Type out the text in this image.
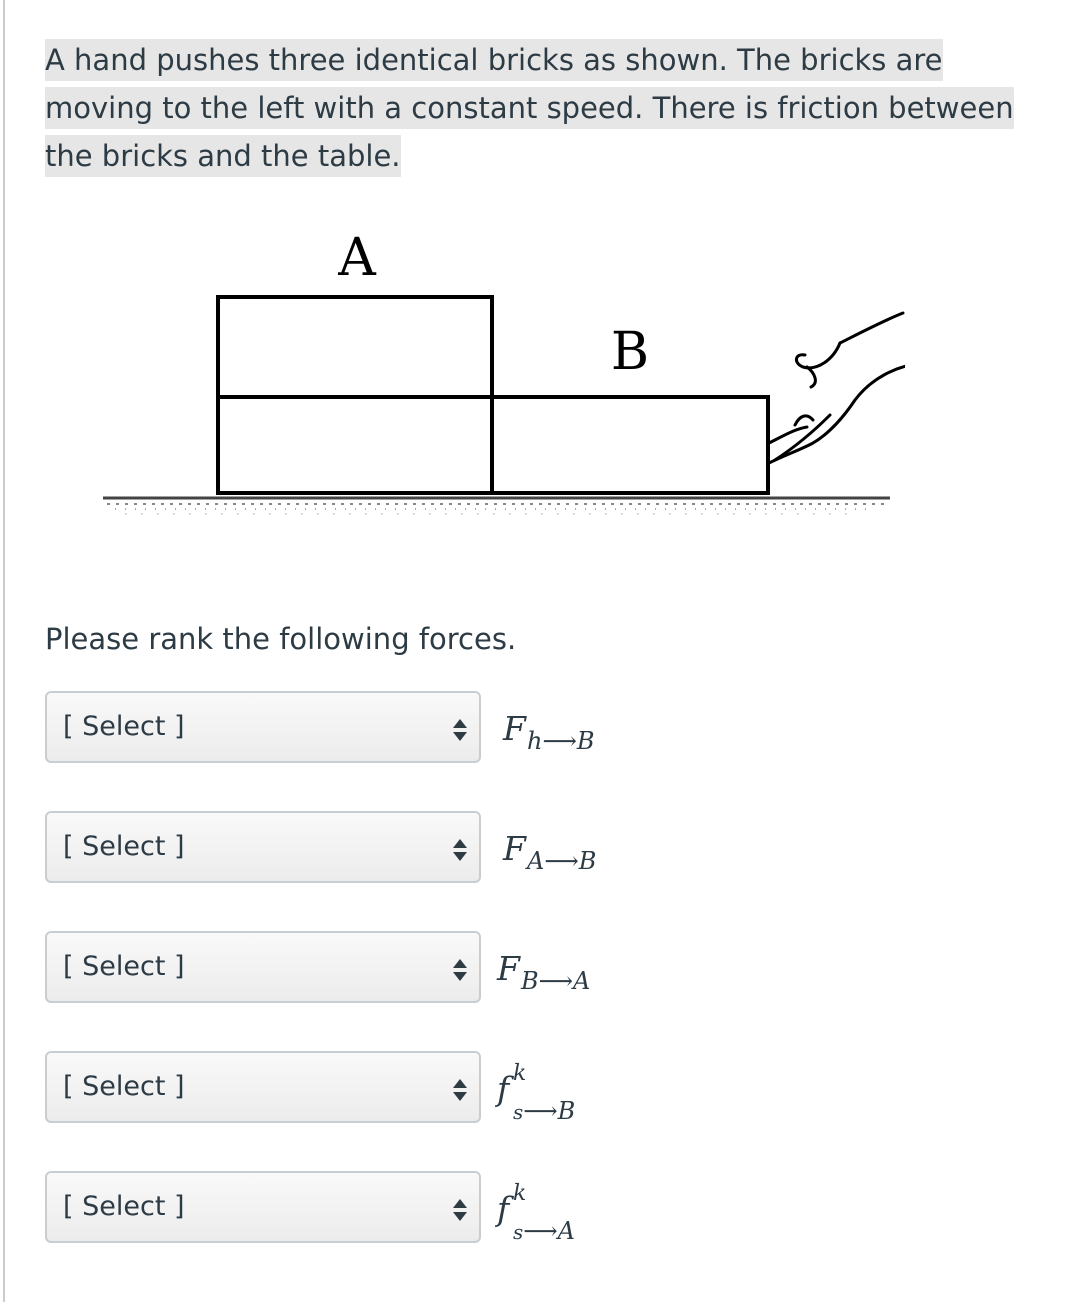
A hand pushes three identical bricks as shown. The bricks are moving to the left with a constant speed. There is friction between the bricks and the table.
A
B
Please rank the following forces.
[ Select ]	F h⟶B
[ Select ]	F A⟶B
[ Select ]	F B⟶A
[ Select ]	f k
s⟶B
[ Select ]	f k
s⟶A
